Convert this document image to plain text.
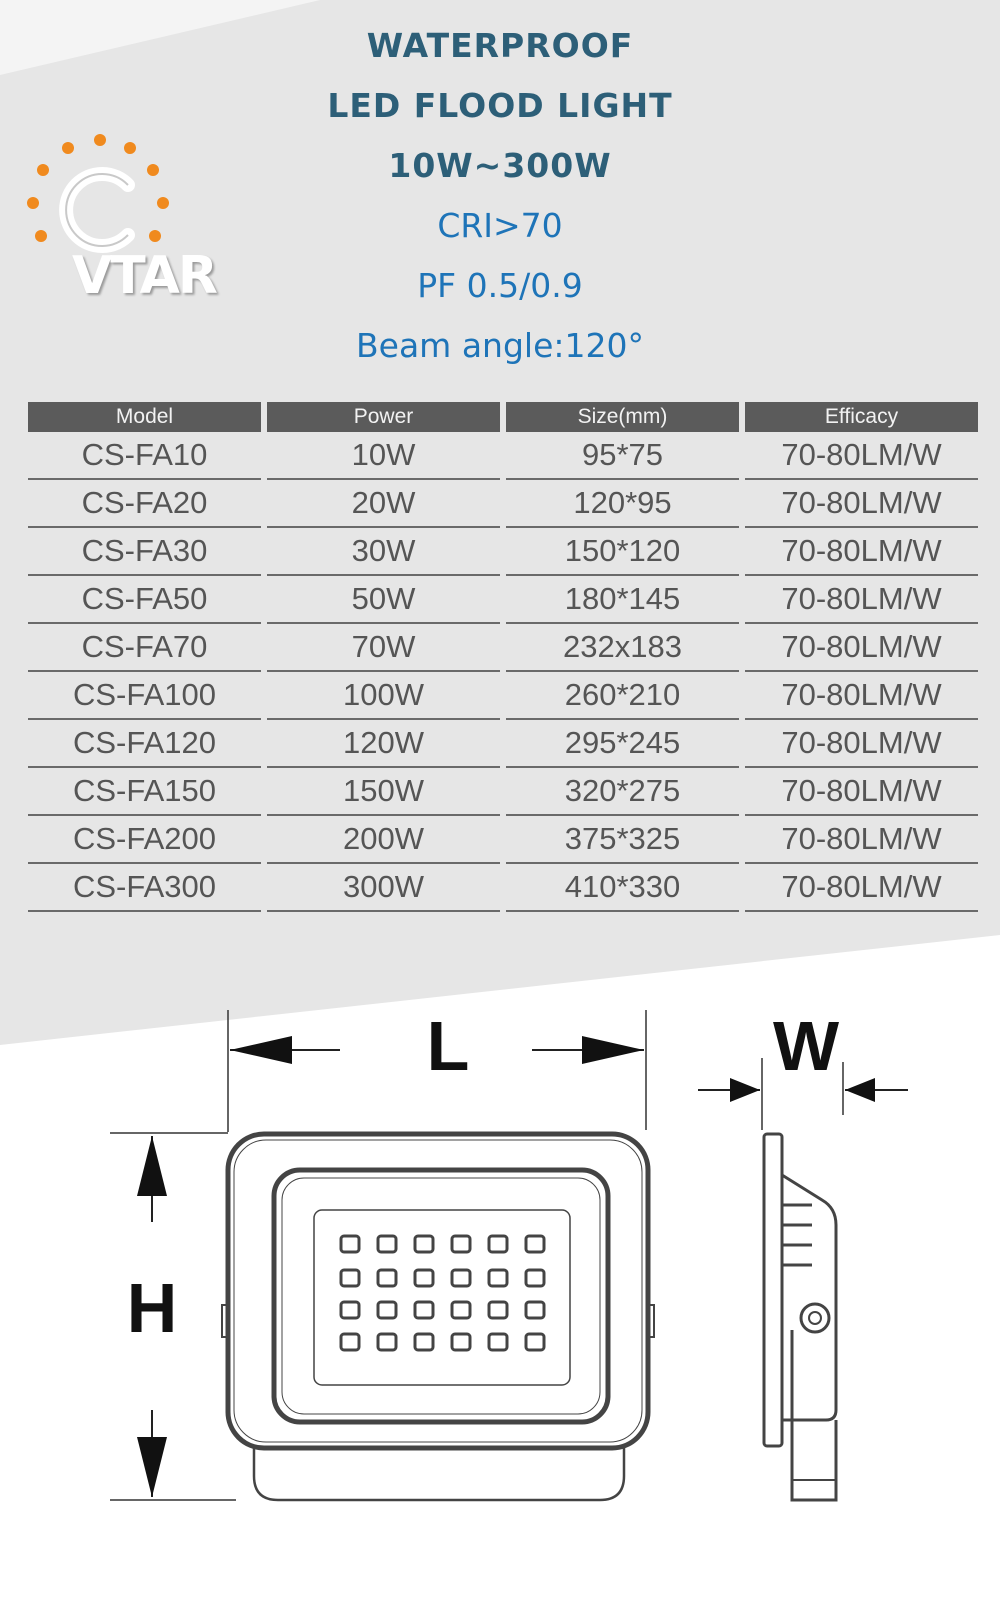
WATERPROOF
LED FLOOD LIGHT
10W~300W
CRI>70
PF 0.5/0.9
Beam angle:120°
VTAR
Model	Power	Size(mm)	Efficacy
CS-FA10	10W	95*75	70-80LM/W
CS-FA20	20W	120*95	70-80LM/W
CS-FA30	30W	150*120	70-80LM/W
CS-FA50	50W	180*145	70-80LM/W
CS-FA70	70W	232x183	70-80LM/W
CS-FA100	100W	260*210	70-80LM/W
CS-FA120	120W	295*245	70-80LM/W
CS-FA150	150W	320*275	70-80LM/W
CS-FA200	200W	375*325	70-80LM/W
CS-FA300	300W	410*330	70-80LM/W
L	W
H
